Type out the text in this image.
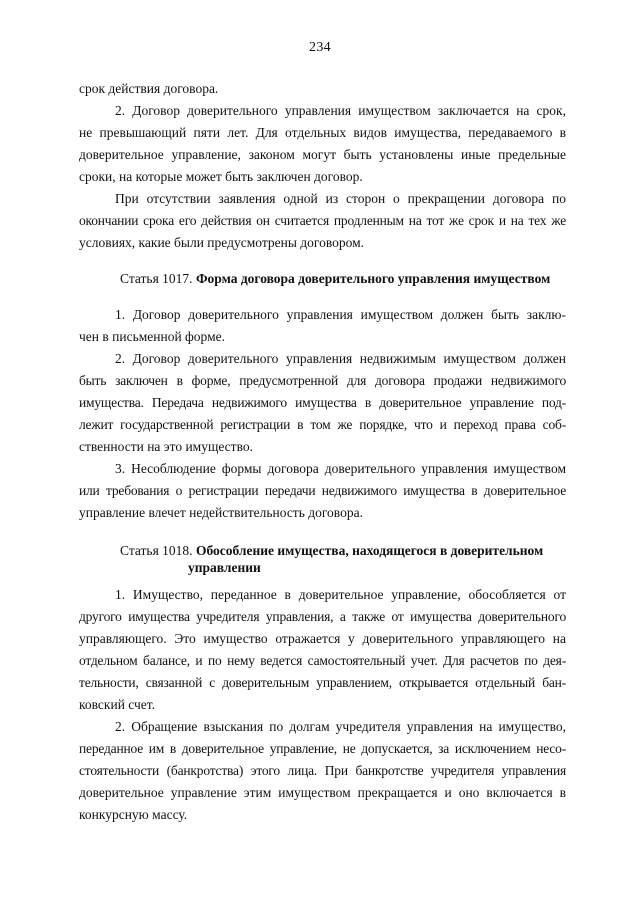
234
срок действия договора.
2. Договор доверительного управления имуществом заключается на срок,
не превышающий пяти лет. Для отдельных видов имущества, передаваемого в
доверительное управление, законом могут быть установлены иные предельные
сроки, на которые может быть заключен договор.
При отсутствии заявления одной из сторон о прекращении договора по
окончании срока его действия он считается продленным на тот же срок и на тех же
условиях, какие были предусмотрены договором.
Статья 1017. Форма договора доверительного управления имуществом
1. Договор доверительного управления имуществом должен быть заклю-
чен в письменной форме.
2. Договор доверительного управления недвижимым имуществом должен
быть заключен в форме, предусмотренной для договора продажи недвижимого
имущества. Передача недвижимого имущества в доверительное управление под-
лежит государственной регистрации в том же порядке, что и переход права соб-
ственности на это имущество.
3. Несоблюдение формы договора доверительного управления имуществом
или требования о регистрации передачи недвижимого имущества в доверительное
управление влечет недействительность договора.
Статья 1018. Обособление имущества, находящегося в доверительном
управлении
1. Имущество, переданное в доверительное управление, обособляется от
другого имущества учредителя управления, а также от имущества доверительного
управляющего. Это имущество отражается у доверительного управляющего на
отдельном балансе, и по нему ведется самостоятельный учет. Для расчетов по дея-
тельности, связанной с доверительным управлением, открывается отдельный бан-
ковский счет.
2. Обращение взыскания по долгам учредителя управления на имущество,
переданное им в доверительное управление, не допускается, за исключением несо-
стоятельности (банкротства) этого лица. При банкротстве учредителя управления
доверительное управление этим имуществом прекращается и оно включается в
конкурсную массу.
